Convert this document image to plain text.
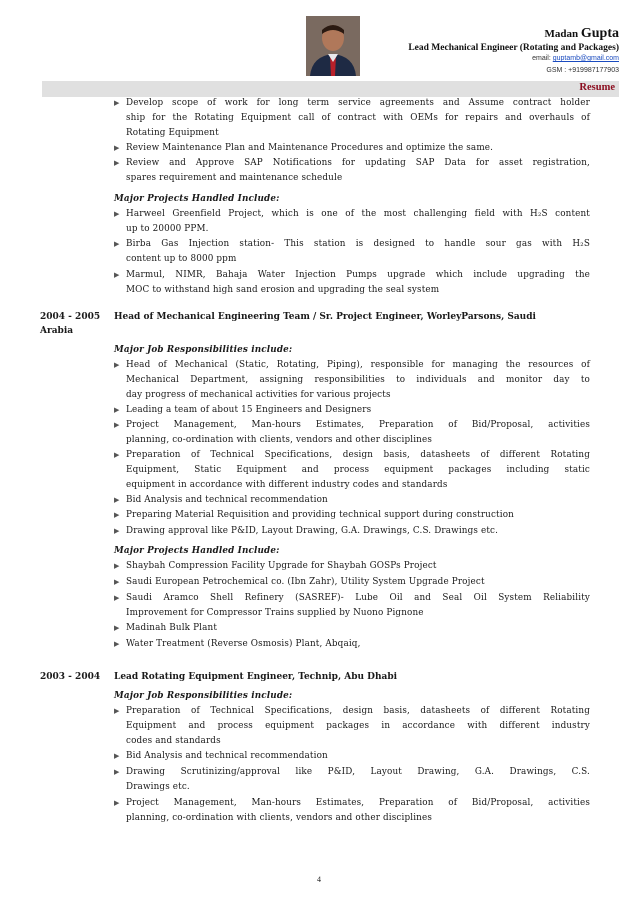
Madan Gupta
Lead Mechanical Engineer (Rotating and Packages)
email: guptamb@gmail.com
GSM : +919987177903
Resume
▶ Develop scope of work for long term service agreements and Assume contract holder
ship for the Rotating Equipment call of contract with OEMs for repairs and overhauls of
Rotating Equipment
▶ Review Maintenance Plan and Maintenance Procedures and optimize the same.
▶ Review and Approve SAP Notifications for updating SAP Data for asset registration,
spares requirement and maintenance schedule
Major Projects Handled Include:
▶ Harweel Greenfield Project, which is one of the most challenging field with H₂S content
up to 20000 PPM.
▶ Birba Gas Injection station- This station is designed to handle sour gas with H₂S
content up to 8000 ppm
▶ Marmul, NIMR, Bahaja Water Injection Pumps upgrade which include upgrading the
MOC to withstand high sand erosion and upgrading the seal system
2004 - 2005 Head of Mechanical Engineering Team / Sr. Project Engineer, WorleyParsons, Saudi
Arabia
Major Job Responsibilities include:
▶ Head of Mechanical (Static, Rotating, Piping), responsible for managing the resources of
Mechanical Department, assigning responsibilities to individuals and monitor day to
day progress of mechanical activities for various projects
▶ Leading a team of about 15 Engineers and Designers
▶ Project Management, Man-hours Estimates, Preparation of Bid/Proposal, activities
planning, co-ordination with clients, vendors and other disciplines
▶ Preparation of Technical Specifications, design basis, datasheets of different Rotating
Equipment, Static Equipment and process equipment packages including static
equipment in accordance with different industry codes and standards
▶ Bid Analysis and technical recommendation
▶ Preparing Material Requisition and providing technical support during construction
▶ Drawing approval like P&ID, Layout Drawing, G.A. Drawings, C.S. Drawings etc.
Major Projects Handled Include:
▶ Shaybah Compression Facility Upgrade for Shaybah GOSPs Project
▶ Saudi European Petrochemical co. (Ibn Zahr), Utility System Upgrade Project
▶ Saudi Aramco Shell Refinery (SASREF)- Lube Oil and Seal Oil System Reliability
Improvement for Compressor Trains supplied by Nuono Pignone
▶ Madinah Bulk Plant
▶ Water Treatment (Reverse Osmosis) Plant, Abqaiq,
2003 - 2004 Lead Rotating Equipment Engineer, Technip, Abu Dhabi
Major Job Responsibilities include:
▶ Preparation of Technical Specifications, design basis, datasheets of different Rotating
Equipment and process equipment packages in accordance with different industry
codes and standards
▶ Bid Analysis and technical recommendation
▶ Drawing Scrutinizing/approval like P&ID, Layout Drawing, G.A. Drawings, C.S.
Drawings etc.
▶ Project Management, Man-hours Estimates, Preparation of Bid/Proposal, activities
planning, co-ordination with clients, vendors and other disciplines
4
